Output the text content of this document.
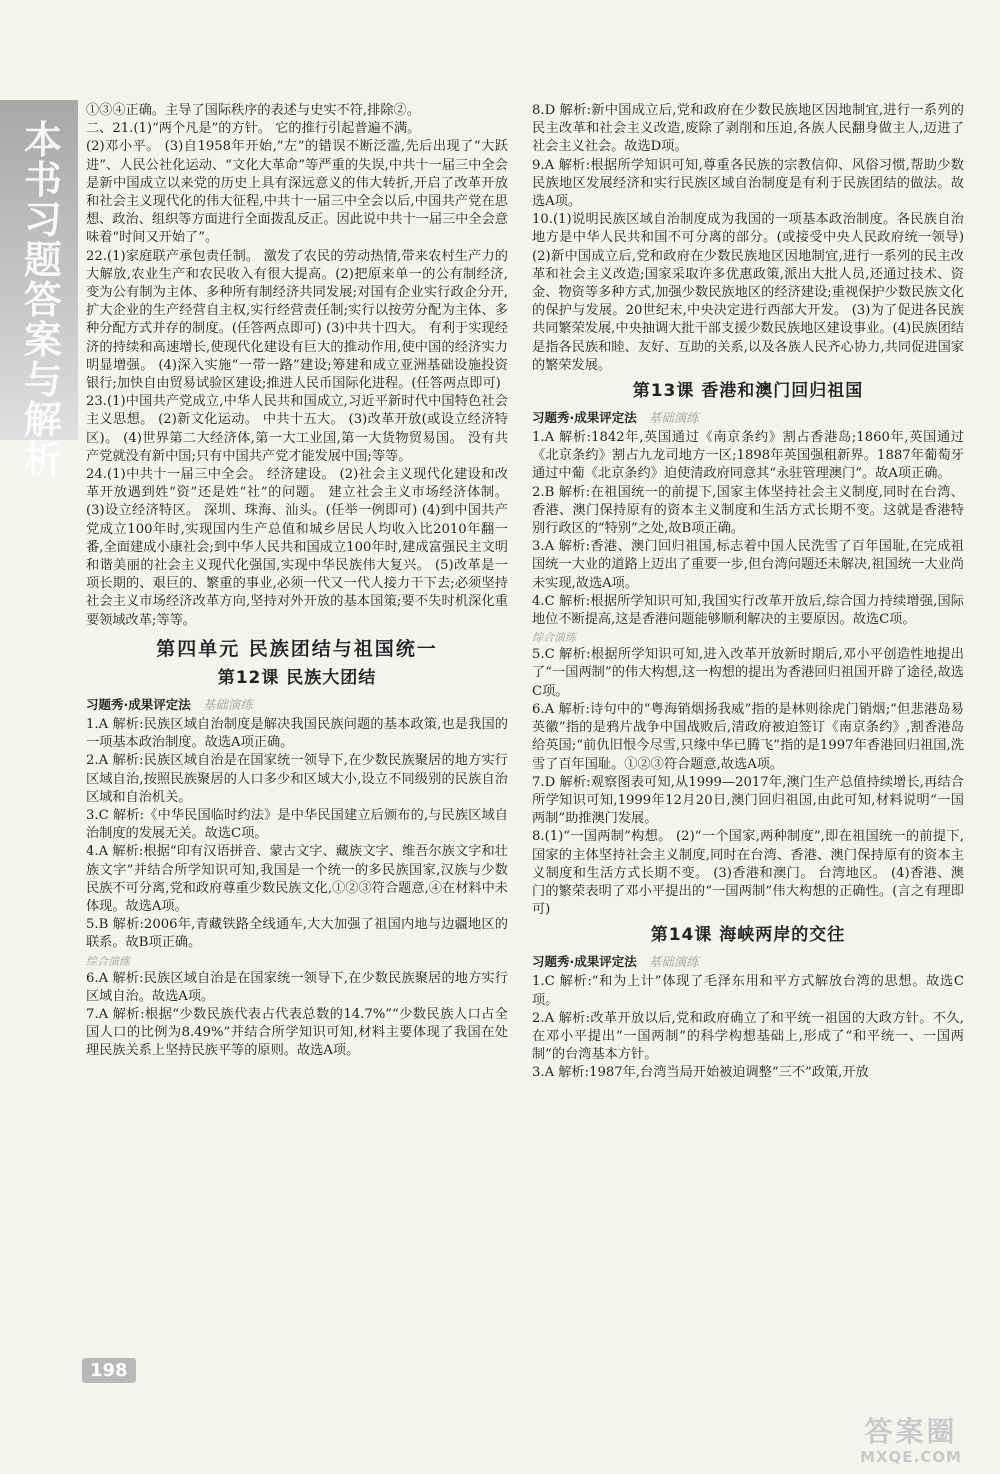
本书习题答案与解析

①③④正确。主导了国际秩序的表述与史实不符,排除②。

二、21.(1)“两个凡是”的方针。 它的推行引起普遍不满。

(2)邓小平。 (3)自1958年开始,“左”的错误不断泛滥,先后出现了“大跃进”、人民公社化运动、“文化大革命”等严重的失误,中共十一届三中全会是新中国成立以来党的历史上具有深远意义的伟大转折,开启了改革开放和社会主义现代化的伟大征程,中共十一届三中全会以后,中国共产党在思想、政治、组织等方面进行全面拨乱反正。因此说中共十一届三中全会意味着“时间又开始了”。

22.(1)家庭联产承包责任制。 激发了农民的劳动热情,带来农村生产力的大解放,农业生产和农民收入有很大提高。(2)把原来单一的公有制经济,变为公有制为主体、多种所有制经济共同发展;对国有企业实行政企分开,扩大企业的生产经营自主权,实行经营责任制;实行以按劳分配为主体、多种分配方式并存的制度。(任答两点即可) (3)中共十四大。 有利于实现经济的持续和高速增长,使现代化建设有巨大的推动作用,使中国的经济实力明显增强。 (4)深入实施“一带一路”建设;筹建和成立亚洲基础设施投资银行;加快自由贸易试验区建设;推进人民币国际化进程。(任答两点即可)

23.(1)中国共产党成立,中华人民共和国成立,习近平新时代中国特色社会主义思想。 (2)新文化运动。 中共十五大。 (3)改革开放(或设立经济特区)。 (4)世界第二大经济体,第一大工业国,第一大货物贸易国。 没有共产党就没有新中国;只有中国共产党才能发展中国;等等。

24.(1)中共十一届三中全会。 经济建设。 (2)社会主义现代化建设和改革开放遇到姓“资”还是姓“社”的问题。 建立社会主义市场经济体制。 (3)设立经济特区。 深圳、珠海、汕头。(任举一例即可) (4)到中国共产党成立100年时,实现国内生产总值和城乡居民人均收入比2010年翻一番,全面建成小康社会;到中华人民共和国成立100年时,建成富强民主文明和谐美丽的社会主义现代化强国,实现中华民族伟大复兴。 (5)改革是一项长期的、艰巨的、繁重的事业,必须一代又一代人接力干下去;必须坚持社会主义市场经济改革方向,坚持对外开放的基本国策;要不失时机深化重要领域改革;等等。

第四单元 民族团结与祖国统一
第12课 民族大团结
习题秀·成果评定法 基础演练

1.A 解析:民族区域自治制度是解决我国民族问题的基本政策,也是我国的一项基本政治制度。故选A项正确。

2.A 解析:民族区域自治是在国家统一领导下,在少数民族聚居的地方实行区域自治,按照民族聚居的人口多少和区域大小,设立不同级别的民族自治区域和自治机关。

3.C 解析:《中华民国临时约法》是中华民国建立后颁布的,与民族区域自治制度的发展无关。故选C项。

4.A 解析:根据“印有汉语拼音、蒙古文字、藏族文字、维吾尔族文字和壮族文字”并结合所学知识可知,我国是一个统一的多民族国家,汉族与少数民族不可分离,党和政府尊重少数民族文化,①②③符合题意,④在材料中未体现。故选A项。

5.B 解析:2006年,青藏铁路全线通车,大大加强了祖国内地与边疆地区的联系。故B项正确。

综合演练

6.A 解析:民族区域自治是在国家统一领导下,在少数民族聚居的地方实行区域自治。故选A项。

7.A 解析:根据“少数民族代表占代表总数的14.7%”“少数民族人口占全国人口的比例为8.49%”并结合所学知识可知,材料主要体现了我国在处理民族关系上坚持民族平等的原则。故选A项。

8.D 解析:新中国成立后,党和政府在少数民族地区因地制宜,进行一系列的民主改革和社会主义改造,废除了剥削和压迫,各族人民翻身做主人,迈进了社会主义社会。故选D项。

9.A 解析:根据所学知识可知,尊重各民族的宗教信仰、风俗习惯,帮助少数民族地区发展经济和实行民族区域自治制度是有利于民族团结的做法。故选A项。

10.(1)说明民族区域自治制度成为我国的一项基本政治制度。各民族自治地方是中华人民共和国不可分离的部分。(或接受中央人民政府统一领导) (2)新中国成立后,党和政府在少数民族地区因地制宜,进行一系列的民主改革和社会主义改造;国家采取许多优惠政策,派出大批人员,还通过技术、资金、物资等多种方式,加强少数民族地区的经济建设;重视保护少数民族文化的保护与发展。20世纪末,中央决定进行西部大开发。 (3)为了促进各民族共同繁荣发展,中央抽调大批干部支援少数民族地区建设事业。(4)民族团结是指各民族和睦、友好、互助的关系,以及各族人民齐心协力,共同促进国家的繁荣发展。

第13课 香港和澳门回归祖国
习题秀·成果评定法 基础演练

1.A 解析:1842年,英国通过《南京条约》割占香港岛;1860年,英国通过《北京条约》割占九龙司地方一区;1898年英国强租新界。1887年葡萄牙通过中葡《北京条约》迫使清政府同意其“永驻管理澳门”。故A项正确。

2.B 解析:在祖国统一的前提下,国家主体坚持社会主义制度,同时在台湾、香港、澳门保持原有的资本主义制度和生活方式长期不变。这就是香港特别行政区的“特别”之处,故B项正确。

3.A 解析:香港、澳门回归祖国,标志着中国人民洗雪了百年国耻,在完成祖国统一大业的道路上迈出了重要一步,但台湾问题还未解决,祖国统一大业尚未实现,故选A项。

4.C 解析:根据所学知识可知,我国实行改革开放后,综合国力持续增强,国际地位不断提高,这是香港问题能够顺利解决的主要原因。故选C项。

综合演练

5.C 解析:根据所学知识可知,进入改革开放新时期后,邓小平创造性地提出了“一国两制”的伟大构想,这一构想的提出为香港回归祖国开辟了途径,故选C项。

6.A 解析:诗句中的“粤海销烟扬我威”指的是林则徐虎门销烟;“但悲港岛易英徽”指的是鸦片战争中国战败后,清政府被迫签订《南京条约》,割香港岛给英国;“前仇旧恨今尽雪,只缘中华已腾飞”指的是1997年香港回归祖国,洗雪了百年国耻。①②③符合题意,故选A项。

7.D 解析:观察图表可知,从1999—2017年,澳门生产总值持续增长,再结合所学知识可知,1999年12月20日,澳门回归祖国,由此可知,材料说明“一国两制”助推澳门发展。

8.(1)“一国两制”构想。 (2)“一个国家,两种制度”,即在祖国统一的前提下,国家的主体坚持社会主义制度,同时在台湾、香港、澳门保持原有的资本主义制度和生活方式长期不变。 (3)香港和澳门。 台湾地区。 (4)香港、澳门的繁荣表明了邓小平提出的“一国两制”伟大构想的正确性。(言之有理即可)

第14课 海峡两岸的交往
习题秀·成果评定法 基础演练

1.C 解析:“和为上计”体现了毛泽东用和平方式解放台湾的思想。故选C项。

2.A 解析:改革开放以后,党和政府确立了和平统一祖国的大政方针。不久,在邓小平提出“一国两制”的科学构想基础上,形成了“和平统一、一国两制”的台湾基本方针。

3.A 解析:1987年,台湾当局开始被迫调整“三不”政策,开放

198
答案圈
MXQE.COM
